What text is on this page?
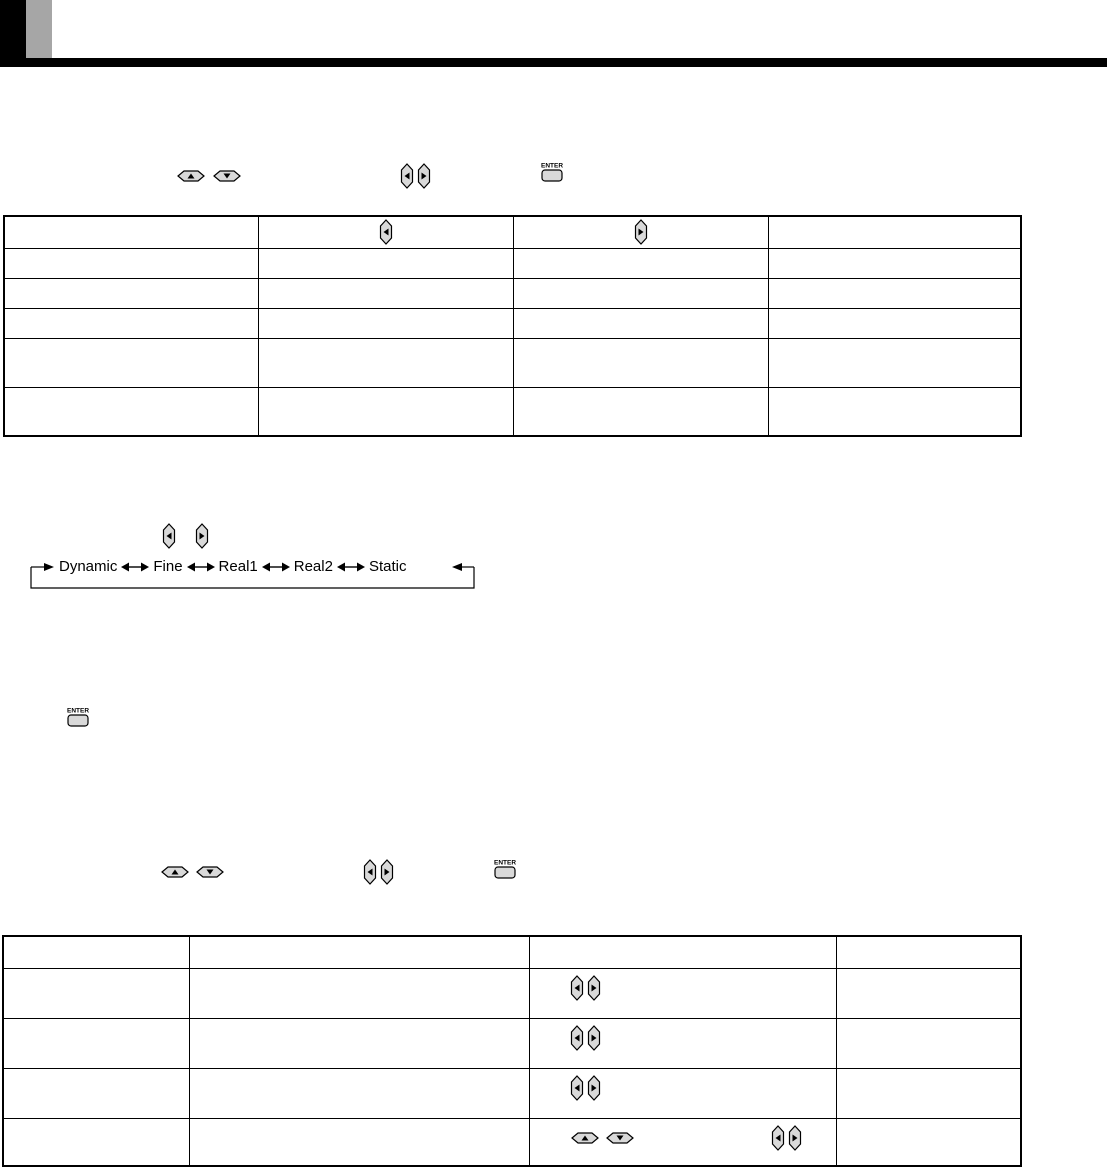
Dynamic Fine Real1 Real2 Static
